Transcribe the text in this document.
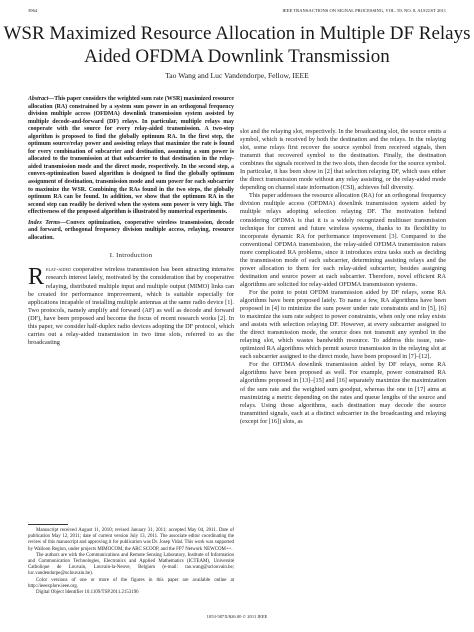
3964	IEEE TRANSACTIONS ON SIGNAL PROCESSING, VOL. 59, NO. 8, AUGUST 2011
WSR Maximized Resource Allocation in Multiple DF Relays Aided OFDMA Downlink Transmission
Tao Wang and Luc Vandendorpe, Fellow, IEEE

Abstract—This paper considers the weighted sum rate (WSR) maximized resource allocation (RA) constrained by a system sum power in an orthogonal frequency division multiple access (OFDMA) downlink transmission system assisted by multiple decode-and-forward (DF) relays. In particular, multiple relays may cooperate with the source for every relay-aided transmission. A two-step algorithm is proposed to find the globally optimum RA. In the first step, the optimum source/relay power and assisting relays that maximize the rate is found for every combination of subcarrier and destination, assuming a sum power is allocated to the transmission at that subcarrier to that destination in the relay-aided transmission mode and the direct mode, respectively. In the second step, a convex-optimization based algorithm is designed to find the globally optimum assignment of destination, transmission mode and sum power for each subcarrier to maximize the WSR. Combining the RAs found in the two steps, the globally optimum RA can be found. In addition, we show that the optimum RA in the second step can readily be derived when the system sum power is very high. The effectiveness of the proposed algorithm is illustrated by numerical experiments.

Index Terms—Convex optimization, cooperative wireless transmission, decode and forward, orthogonal frequency division multiple access, relaying, resource allocation.

I. Introduction

Relay-aided cooperative wireless transmission has been attracting intensive research interest lately, motivated by the consideration that by cooperative relaying, distributed multiple input and multiple output (MIMO) links can be created for performance improvement, which is suitable especially for applications incapable of installing multiple antennas at the same radio device [1]. Two protocols, namely amplify and forward (AF) as well as decode and forward (DF), have been proposed and become the focus of recent research works [2]. In this paper, we consider half-duplex radio devices adopting the DF protocol, which carries out a relay-aided transmission in two time slots, referred to as the broadcasting

Manuscript received August 11, 2010; revised January 31, 2011; accepted May 04, 2011. Date of publication May 12, 2011; date of current version July 13, 2011. The associate editor coordinating the review of this manuscript and approving it for publication was Dr. Josep Vidal. This work was supported by Walloon Region, under projects MIMOCOM, the ARC SCOOP, and the FP7 Network NEWCOM++.

The authors are with the Communications and Remote Sensing Laboratory, Institute of Information and Communication Technologies, Electronics and Applied Mathematics (ICTEAM), Université Catholique de Louvain, Louvain-la-Neuve, Belgium (e-mail: tao.wang@uclouvain.be; luc.vandendorpe@uclouvain.be).

Color versions of one or more of the figures in this paper are available online at http://ieeexplore.ieee.org.

Digital Object Identifier 10.1109/TSP.2011.2153196

slot and the relaying slot, respectively. In the broadcasting slot, the source emits a symbol, which is received by both the destination and the relays. In the relaying slot, some relays first recover the source symbol from received signals, then transmit that recovered symbol to the destination. Finally, the destination combines the signals received in the two slots, then decode for the source symbol. In particular, it has been show in [2] that selection relaying DF, which uses either the direct transmission mode without any relay assisting, or the relay-aided mode depending on channel state information (CSI), achieves full diversity.

This paper addresses the resource allocation (RA) for an orthogonal frequency division multiple access (OFDMA) downlink transmission system aided by multiple relays adopting selection relaying DF. The motivation behind considering OFDMA is that it is a widely recognized multiuser transmission technique for current and future wireless systems, thanks to its flexibility to incorporate dynamic RA for performance improvement [3]. Compared to the conventional OFDMA transmission, the relay-aided OFDMA transmission raises more complicated RA problems, since it introduces extra tasks such as deciding the transmission mode of each subcarrier, determining assisting relays and the power allocation to them for each relay-aided subcarrier, besides assigning destination and source power at each subcarrier. Therefore, novel efficient RA algorithms are solicited for relay-aided OFDMA transmission systems.

For the point to point OFDM transmission aided by DF relays, some RA algorithms have been proposed lately. To name a few, RA algorithms have been proposed in [4] to minimize the sum power under rate constraints and in [5], [6] to maximize the sum rate subject to power constraints, when only one relay exists and assists with selection relaying DF. However, at every subcarrier assigned to the direct transmission mode, the source does not transmit any symbol in the relaying slot, which wastes bandwidth resource. To address this issue, rate-optimized RA algorithms which permit source transmission in the relaying slot at each subcarrier assigned to the direct mode, have been proposed in [7]–[12].

For the OFDMA downlink transmission aided by DF relays, some RA algorithms have been proposed as well. For example, power constrained RA algorithms proposed in [13]–[15] and [16] separately maximize the maximization of the sum rate and the weighted sum goodput, whereas the one in [17] aims at maximizing a metric depending on the rates and queue lengths of the source and relays. Using those algorithms, each destination may decode the source transmitted signals, each at a distinct subcarrier in the broadcasting and relaying (except for [16]) slots, as

1053-587X/$26.00 © 2011 IEEE
